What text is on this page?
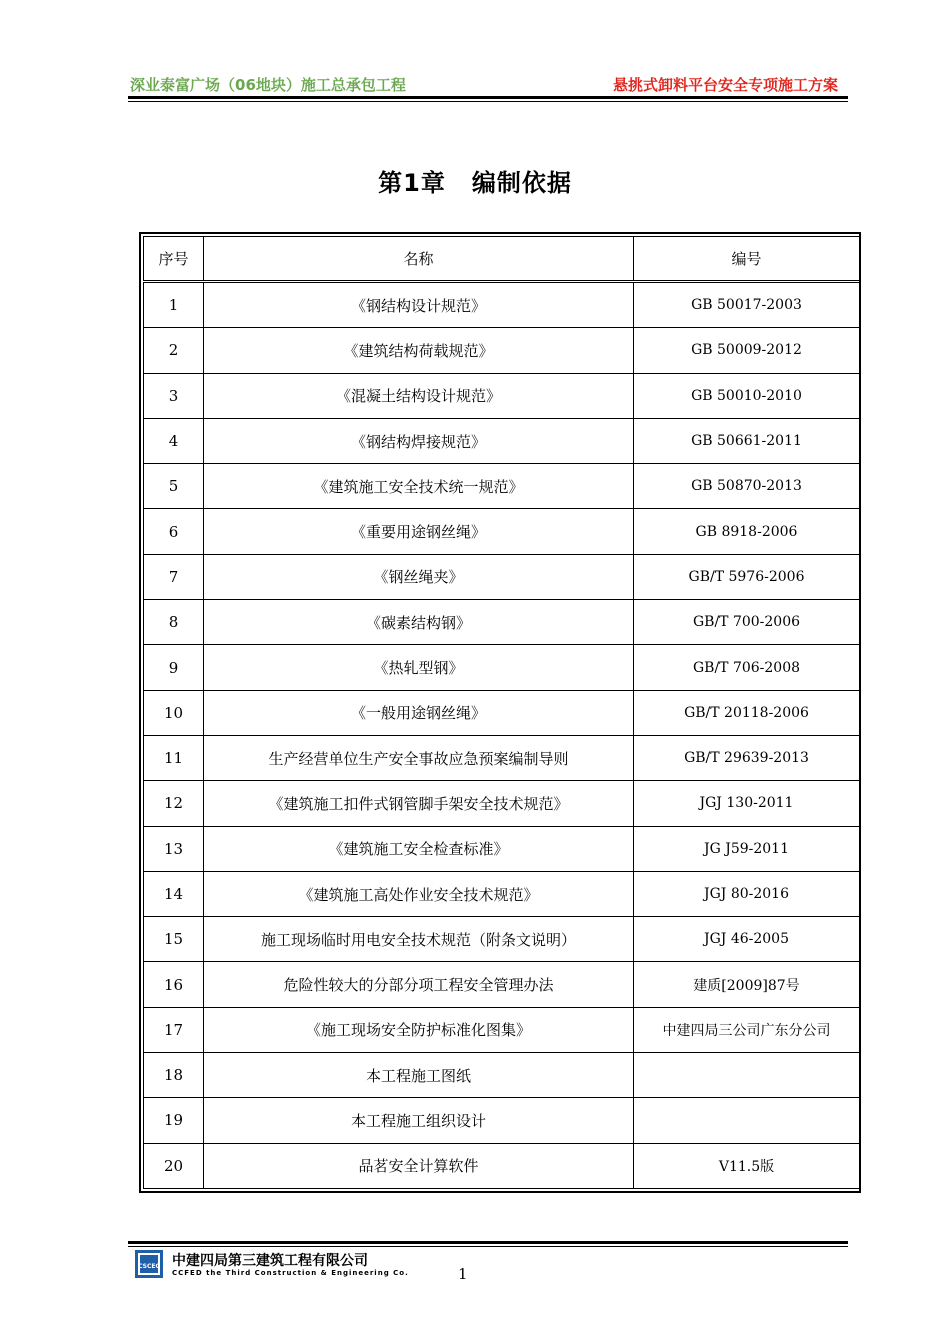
深业泰富广场（06地块）施工总承包工程	悬挑式卸料平台安全专项施工方案
第1章 编制依据
序号	名称	编号
1	《钢结构设计规范》	GB 50017-2003
2	《建筑结构荷载规范》	GB 50009-2012
3	《混凝土结构设计规范》	GB 50010-2010
4	《钢结构焊接规范》	GB 50661-2011
5	《建筑施工安全技术统一规范》	GB 50870-2013
6	《重要用途钢丝绳》	GB 8918-2006
7	《钢丝绳夹》	GB/T 5976-2006
8	《碳素结构钢》	GB/T 700-2006
9	《热轧型钢》	GB/T 706-2008
10	《一般用途钢丝绳》	GB/T 20118-2006
11	生产经营单位生产安全事故应急预案编制导则	GB/T 29639-2013
12	《建筑施工扣件式钢管脚手架安全技术规范》	JGJ 130-2011
13	《建筑施工安全检查标准》	JG J59-2011
14	《建筑施工高处作业安全技术规范》	JGJ 80-2016
15	施工现场临时用电安全技术规范（附条文说明）	JGJ 46-2005
16	危险性较大的分部分项工程安全管理办法	建质[2009]87号
17	《施工现场安全防护标准化图集》	中建四局三公司广东分公司
18	本工程施工图纸	
19	本工程施工组织设计	
20	品茗安全计算软件	V11.5版
CSCEC 中建四局第三建筑工程有限公司
CCFED the Third Construction & Engineering Co.	1
